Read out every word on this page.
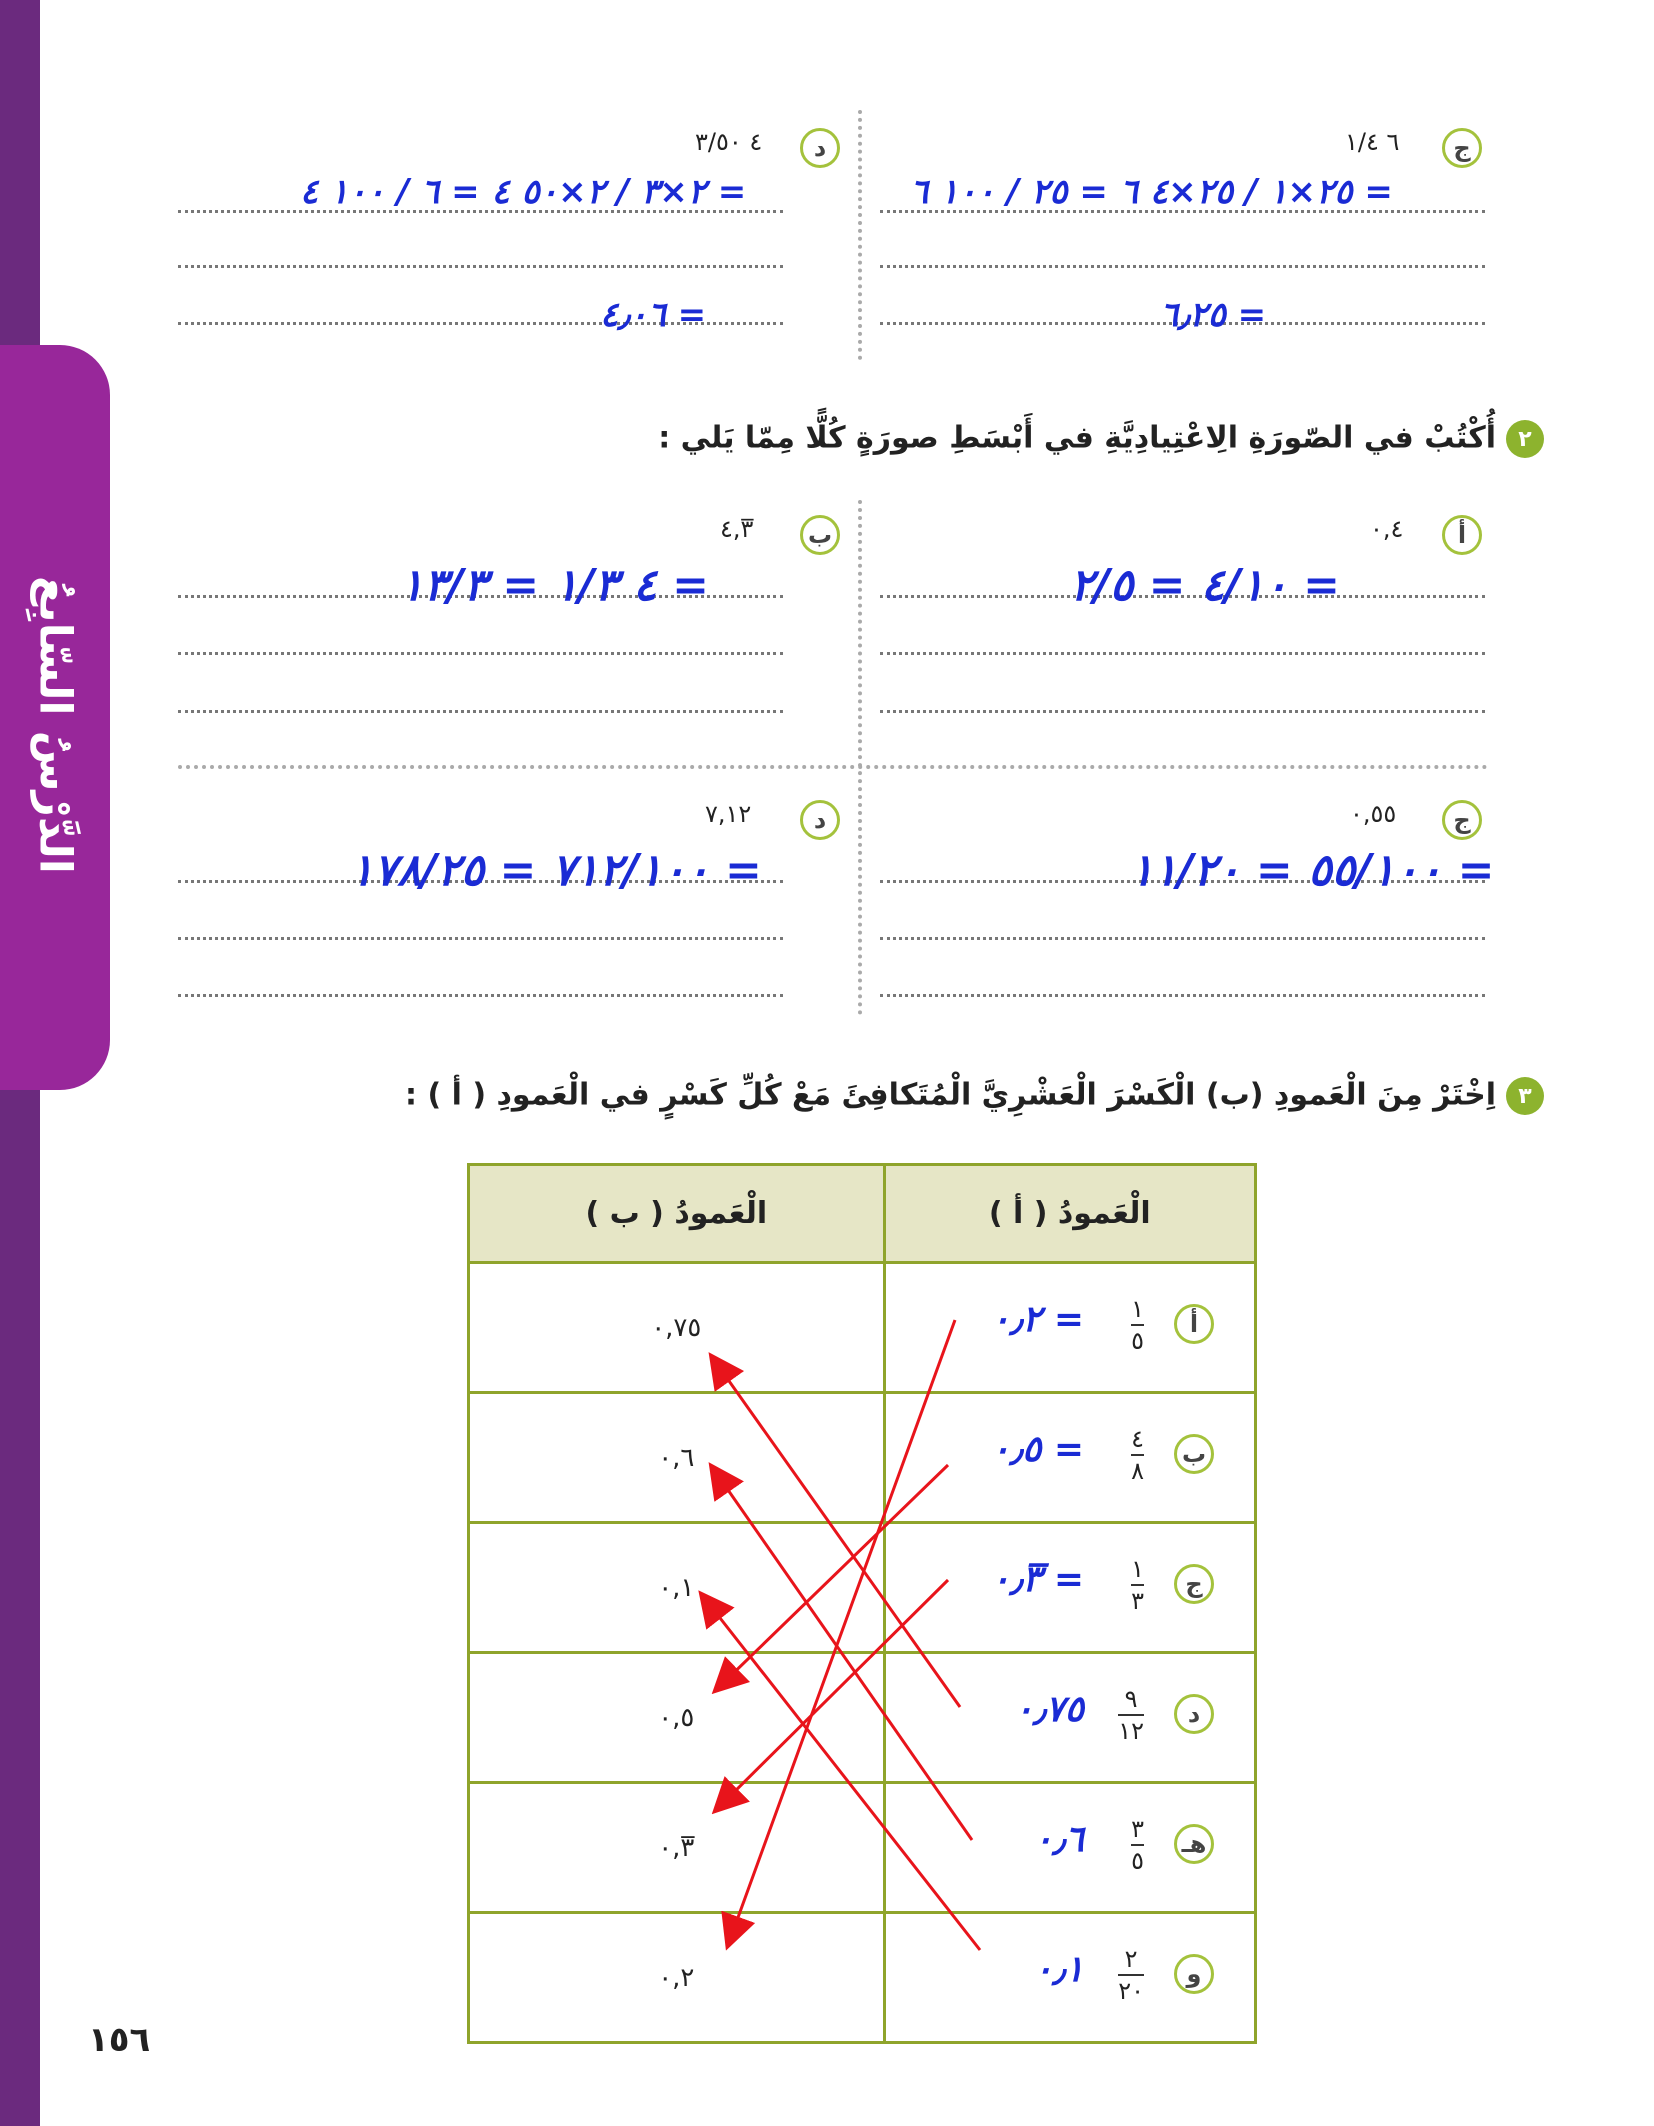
الدَّرْسُ السّابِعُ
ج
٦ ١/٤
= ٢٥×١ / ٢٥×٤ ٦ = ٢٥ / ١٠٠ ٦
= ٦٫٢٥
د
٤ ٣/٥٠
= ٢×٣ / ٢×٥٠ ٤ = ٦ / ١٠٠ ٤
= ٤٫٠٦
٢أُكْتُبْ في الصّورَةِ الِاعْتِيادِيَّةِ في أَبْسَطِ صورَةٍ كُلًّا مِمّا يَلي :
أ
٠,٤
= ٤/١٠ = ٢/٥
ب
٤,٣̅
= ٤ ١/٣ = ١٣/٣
ج
٠,٥٥
= ٥٥/١٠٠ = ١١/٢٠
د
٧,١٢
= ٧١٢/١٠٠ = ١٧٨/٢٥
٣اِخْتَرْ مِنَ الْعَمودِ (ب) الْكَسْرَ الْعَشْرِيَّ الْمُتَكافِئَ مَعْ كُلِّ كَسْرٍ في الْعَمودِ ( أ ) :
الْعَمودُ ( ب )	الْعَمودُ ( أ )
٠,٧٥	أ
١
٥
= ٠٫٢

٠,٦	ب
٤
٨
= ٠٫٥

٠,١	ج
١
٣
= ٠٫٣̅

٠,٥	د
٩
١٢
٠٫٧٥

٠,٣̅	هـ
٣
٥
٠٫٦

٠,٢	و
٢
٢٠
٠٫١
١٥٦
